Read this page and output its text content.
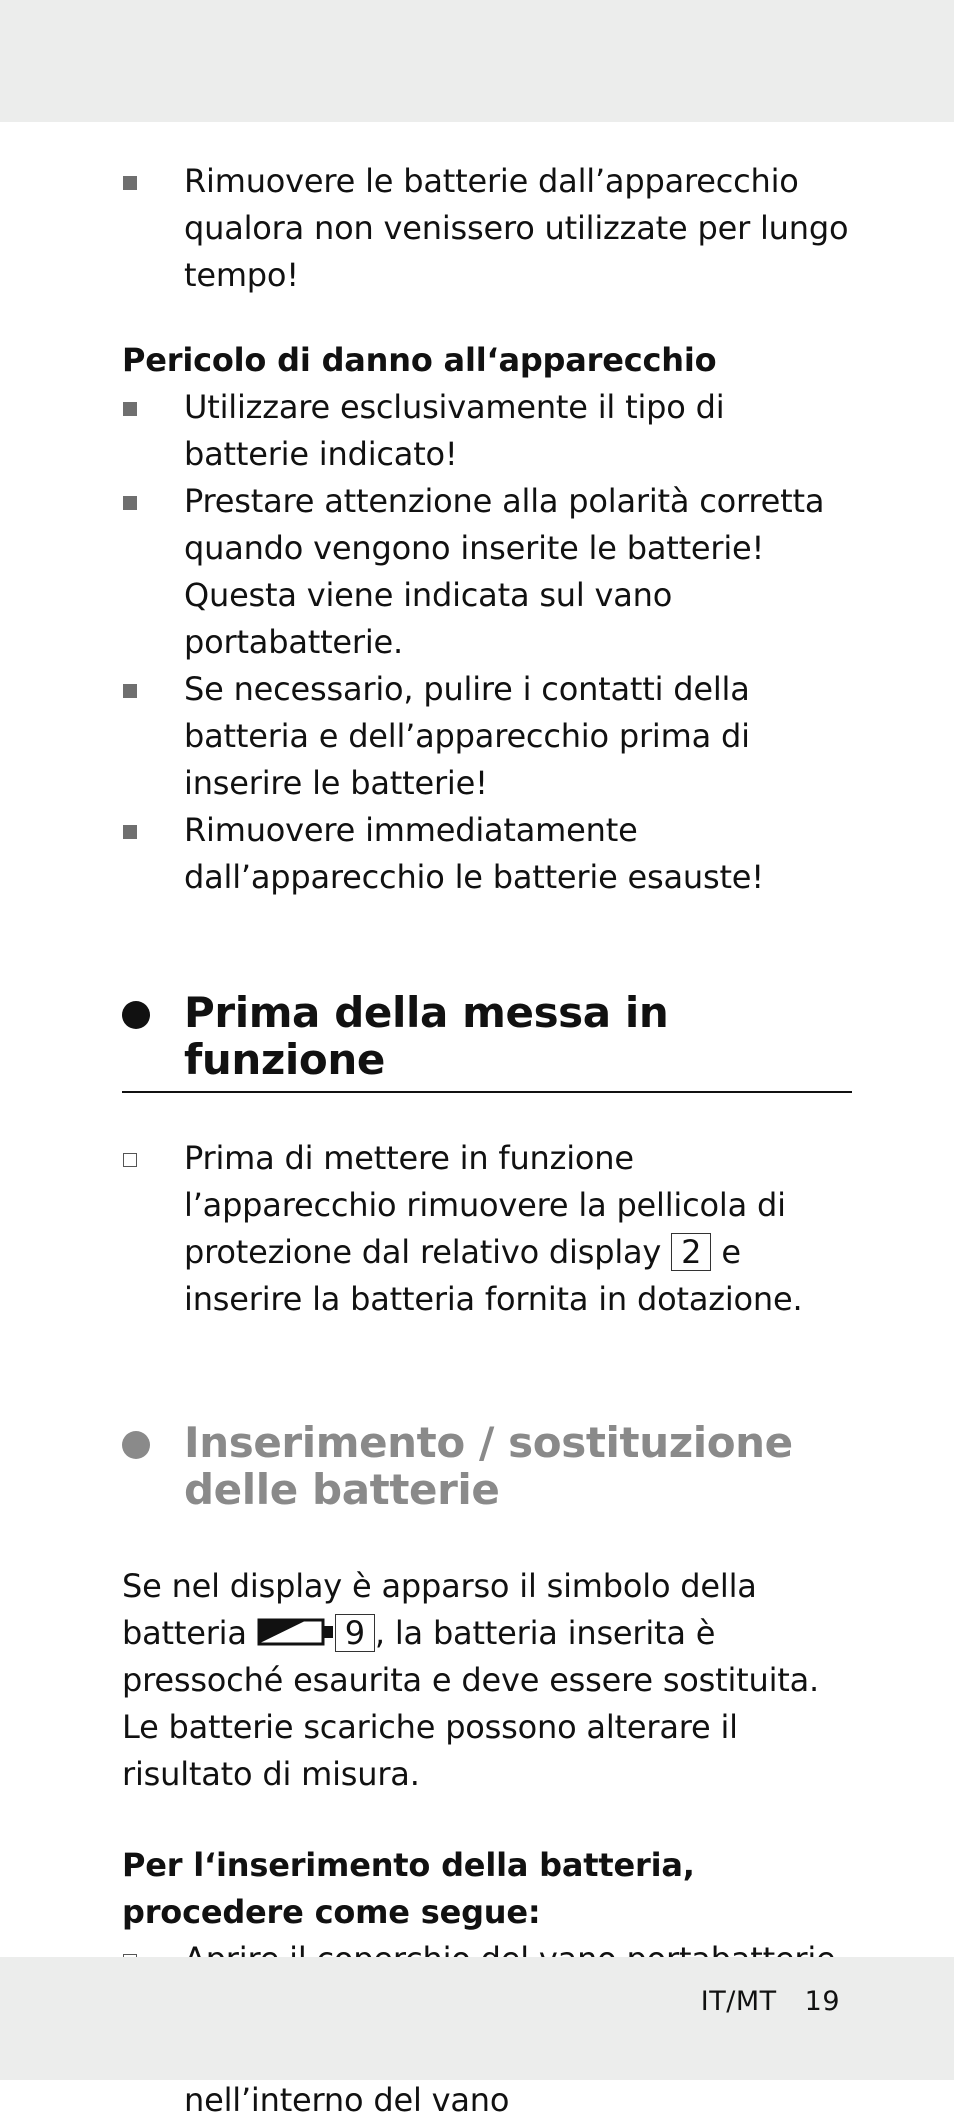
Rimuovere le batterie dall’apparecchio qualora non venissero utilizzate per lungo tempo!
Pericolo di danno all‘apparecchio
Utilizzare esclusivamente il tipo di batterie indicato!
Prestare attenzione alla polarità corretta quando vengono inserite le batterie! Questa viene indicata sul vano portabatterie.
Se necessario, pulire i contatti della batteria e dell’apparecchio prima di inserire le batterie!
Rimuovere immediatamente dall’apparecchio le batterie esauste!
Prima della messa in funzione
Prima di mettere in funzione l’apparecchio rimuovere la pellicola di protezione dal relativo display 2 e inserire la batteria fornita in dotazione.
Inserimento / sostituzione
delle batterie
Se nel display è apparso il simbolo della batteria	9 , la batteria inserita è pressoché esaurita e deve essere sostituita. Le batterie scariche possono alterare il risultato di misura.
Per l‘inserimento della batteria,
procedere come segue:
nell’interno del vano
IT/MT 19
